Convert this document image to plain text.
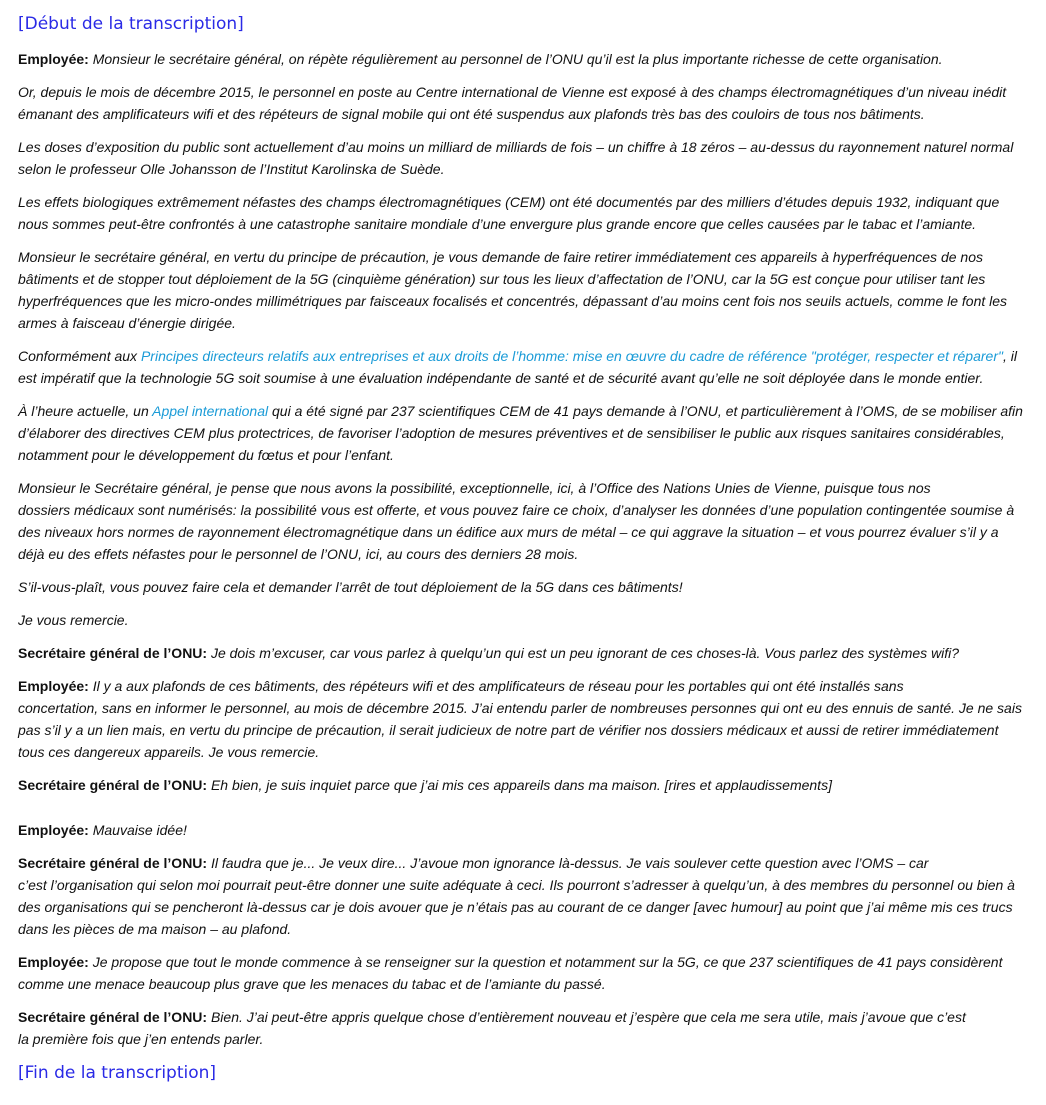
[Début de la transcription]

Employée: Monsieur le secrétaire général, on répète régulièrement au personnel de l’ONU qu’il est la plus importante richesse de cette organisation.

Or, depuis le mois de décembre 2015, le personnel en poste au Centre international de Vienne est exposé à des champs électromagnétiques d’un niveau inédit émanant des amplificateurs wifi et des répéteurs de signal mobile qui ont été suspendus aux plafonds très bas des couloirs de tous nos bâtiments.

Les doses d’exposition du public sont actuellement d’au moins un milliard de milliards de fois – un chiffre à 18 zéros – au-dessus du rayonnement naturel normal selon le professeur Olle Johansson de l’Institut Karolinska de Suède.

Les effets biologiques extrêmement néfastes des champs électromagnétiques (CEM) ont été documentés par des milliers d’études depuis 1932, indiquant que nous sommes peut-être confrontés à une catastrophe sanitaire mondiale d’une envergure plus grande encore que celles causées par le tabac et l’amiante.

Monsieur le secrétaire général, en vertu du principe de précaution, je vous demande de faire retirer immédiatement ces appareils à hyperfréquences de nos bâtiments et de stopper tout déploiement de la 5G (cinquième génération) sur tous les lieux d’affectation de l’ONU, car la 5G est conçue pour utiliser tant les hyperfréquences que les micro-ondes millimétriques par faisceaux focalisés et concentrés, dépassant d’au moins cent fois nos seuils actuels, comme le font les armes à faisceau d’énergie dirigée.

Conformément aux Principes directeurs relatifs aux entreprises et aux droits de l’homme: mise en œuvre du cadre de référence "protéger, respecter et réparer", il est impératif que la technologie 5G soit soumise à une évaluation indépendante de santé et de sécurité avant qu’elle ne soit déployée dans le monde entier.

À l’heure actuelle, un Appel international qui a été signé par 237 scientifiques CEM de 41 pays demande à l’ONU, et particulièrement à l’OMS, de se mobiliser afin d’élaborer des directives CEM plus protectrices, de favoriser l’adoption de mesures préventives et de sensibiliser le public aux risques sanitaires considérables, notamment pour le développement du fœtus et pour l’enfant.

Monsieur le Secrétaire général, je pense que nous avons la possibilité, exceptionnelle, ici, à l’Office des Nations Unies de Vienne, puisque tous nos
dossiers médicaux sont numérisés: la possibilité vous est offerte, et vous pouvez faire ce choix, d’analyser les données d’une population contingentée soumise à des niveaux hors normes de rayonnement électromagnétique dans un édifice aux murs de métal – ce qui aggrave la situation – et vous pourrez évaluer s’il y a déjà eu des effets néfastes pour le personnel de l’ONU, ici, au cours des derniers 28 mois.

S’il-vous-plaît, vous pouvez faire cela et demander l’arrêt de tout déploiement de la 5G dans ces bâtiments!

Je vous remercie.

Secrétaire général de l’ONU: Je dois m’excuser, car vous parlez à quelqu’un qui est un peu ignorant de ces choses-là. Vous parlez des systèmes wifi?

Employée: Il y a aux plafonds de ces bâtiments, des répéteurs wifi et des amplificateurs de réseau pour les portables qui ont été installés sans
concertation, sans en informer le personnel, au mois de décembre 2015. J’ai entendu parler de nombreuses personnes qui ont eu des ennuis de santé. Je ne sais pas s’il y a un lien mais, en vertu du principe de précaution, il serait judicieux de notre part de vérifier nos dossiers médicaux et aussi de retirer immédiatement tous ces dangereux appareils. Je vous remercie.

Secrétaire général de l’ONU: Eh bien, je suis inquiet parce que j’ai mis ces appareils dans ma maison. [rires et applaudissements]

Employée: Mauvaise idée!

Secrétaire général de l’ONU: Il faudra que je... Je veux dire... J’avoue mon ignorance là-dessus. Je vais soulever cette question avec l’OMS – car
c’est l’organisation qui selon moi pourrait peut-être donner une suite adéquate à ceci. Ils pourront s’adresser à quelqu’un, à des membres du personnel ou bien à des organisations qui se pencheront là-dessus car je dois avouer que je n’étais pas au courant de ce danger [avec humour] au point que j’ai même mis ces trucs dans les pièces de ma maison – au plafond.

Employée: Je propose que tout le monde commence à se renseigner sur la question et notamment sur la 5G, ce que 237 scientifiques de 41 pays considèrent comme une menace beaucoup plus grave que les menaces du tabac et de l’amiante du passé.

Secrétaire général de l’ONU: Bien. J’ai peut-être appris quelque chose d’entièrement nouveau et j’espère que cela me sera utile, mais j’avoue que c’est
la première fois que j’en entends parler.

[Fin de la transcription]
